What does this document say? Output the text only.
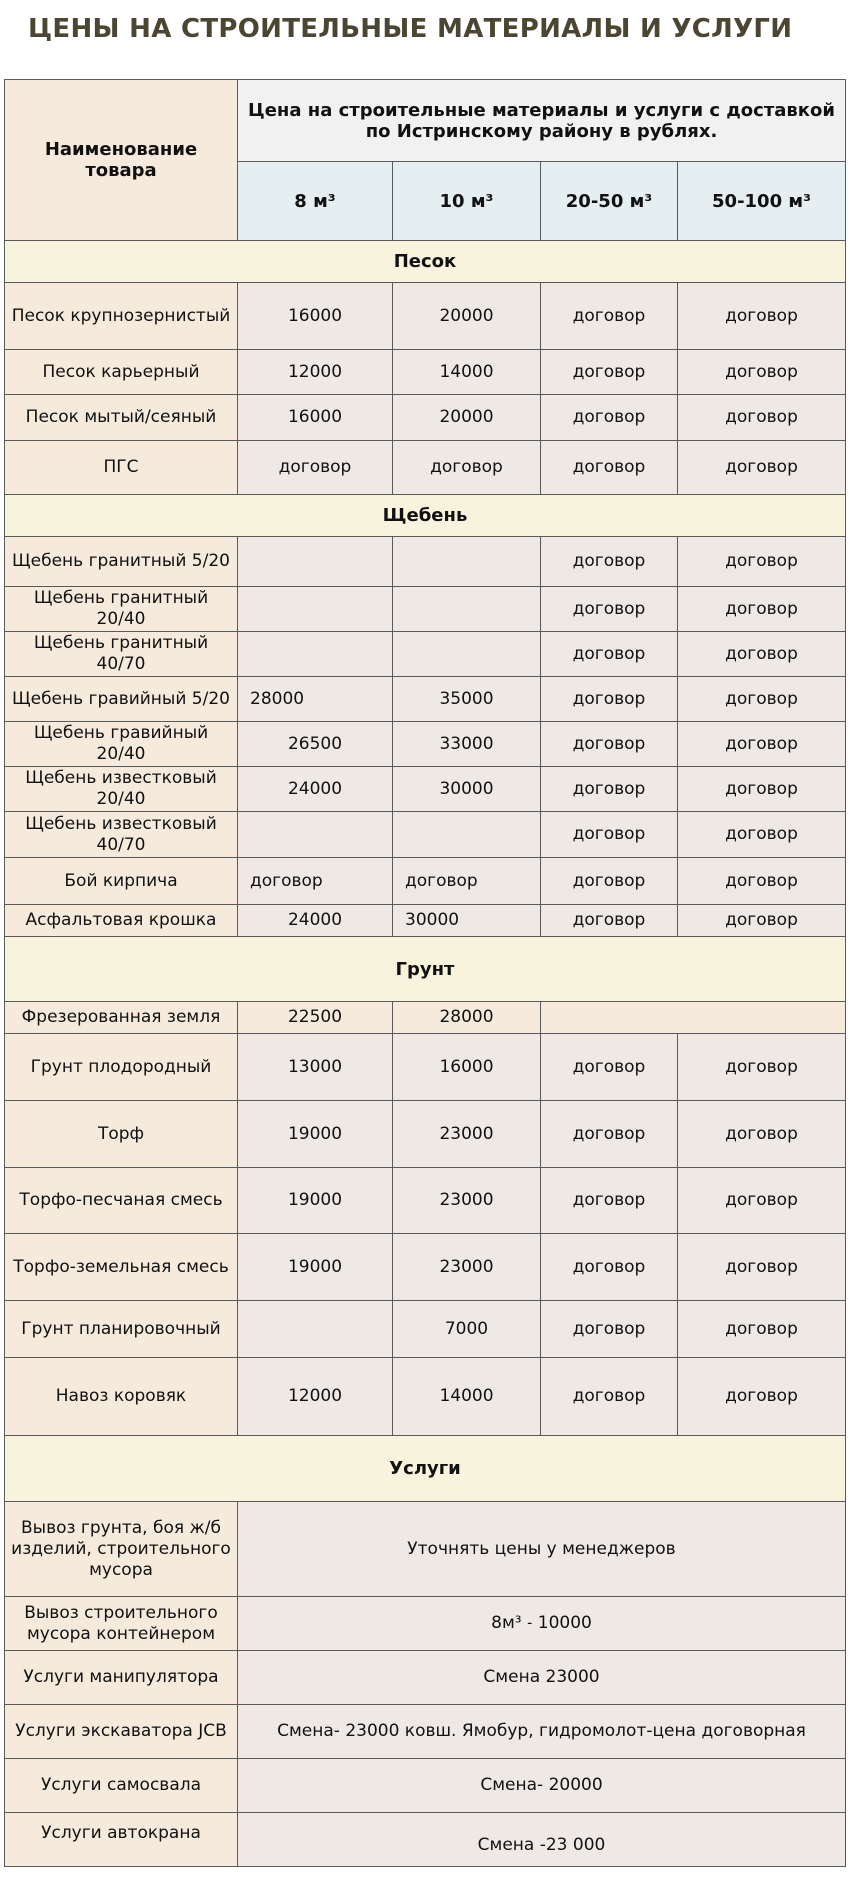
ЦЕНЫ НА СТРОИТЕЛЬНЫЕ МАТЕРИАЛЫ И УСЛУГИ
Наименование товара	Цена на строительные материалы и услуги с доставкой по Истринскому району в рублях.			
	8 м³	10 м³	20-50 м³	50-100 м³
Песок				
Песок крупнозернистый	16000	20000	договор	договор
Песок карьерный	12000	14000	договор	договор
Песок мытый/сеяный	16000	20000	договор	договор
ПГС	договор	договор	договор	договор
Щебень				
Щебень гранитный 5/20			договор	договор
Щебень гранитный 20/40			договор	договор
Щебень гранитный 40/70			договор	договор
Щебень гравийный 5/20	28000	35000	договор	договор
Щебень гравийный 20/40	26500	33000	договор	договор
Щебень известковый 20/40	24000	30000	договор	договор
Щебень известковый 40/70			договор	договор
Бой кирпича	договор	договор	договор	договор
Асфальтовая крошка	24000	30000	договор	договор
Грунт				
Фрезерованная земля	22500	28000		
Грунт плодородный	13000	16000	договор	договор
Торф	19000	23000	договор	договор
Торфо-песчаная смесь	19000	23000	договор	договор
Торфо-земельная смесь	19000	23000	договор	договор
Грунт планировочный		7000	договор	договор
Навоз коровяк	12000	14000	договор	договор
Услуги				
Вывоз грунта, боя ж/б изделий, строительного мусора	Уточнять цены у менеджеров			
Вывоз строительного мусора контейнером	8м³ ˗ 10000			
Услуги манипулятора	Смена 23000			
Услуги экскаватора JCB	Смена- 23000 ковш. Ямобур, гидромолот-цена договорная			
Услуги самосвала	Смена- 20000			
Услуги автокрана	Смена -23 000			
